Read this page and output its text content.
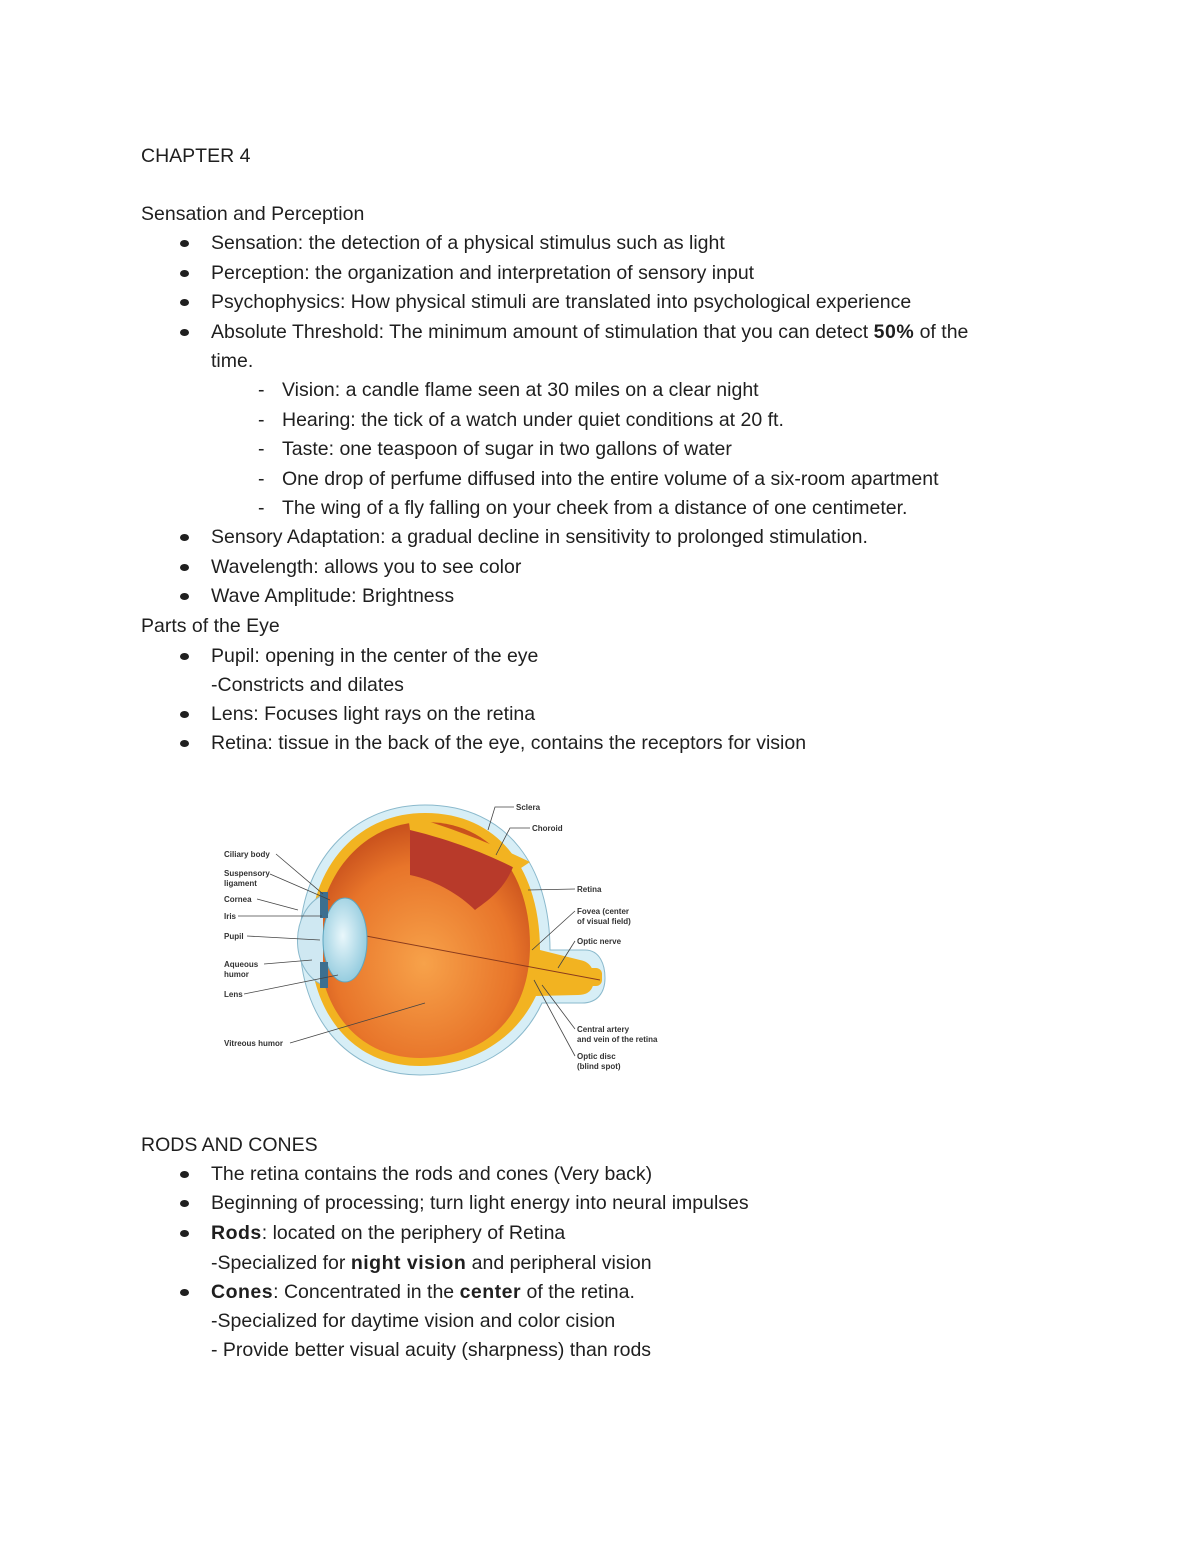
CHAPTER 4
Sensation and Perception
Sensation: the detection of a physical stimulus such as light
Perception: the organization and interpretation of sensory input
Psychophysics: How physical stimuli are translated into psychological experience
Absolute Threshold: The minimum amount of stimulation that you can detect 50% of the
time.
- Vision: a candle flame seen at 30 miles on a clear night
- Hearing: the tick of a watch under quiet conditions at 20 ft.
- Taste: one teaspoon of sugar in two gallons of water
- One drop of perfume diffused into the entire volume of a six-room apartment
- The wing of a fly falling on your cheek from a distance of one centimeter.
Sensory Adaptation: a gradual decline in sensitivity to prolonged stimulation.
Wavelength: allows you to see color
Wave Amplitude: Brightness
Parts of the Eye
Pupil: opening in the center of the eye
-Constricts and dilates
Lens: Focuses light rays on the retina
Retina: tissue in the back of the eye, contains the receptors for vision
Ciliary body
Suspensory
ligament
Cornea
Iris
Pupil
Aqueous
humor
Lens
Vitreous humor
Sclera
Choroid
Retina
Fovea (center
of visual field)
Optic nerve
Central artery
and vein of the retina
Optic disc
(blind spot)
RODS AND CONES
The retina contains the rods and cones (Very back)
Beginning of processing; turn light energy into neural impulses
Rods: located on the periphery of Retina
-Specialized for night vision and peripheral vision
Cones: Concentrated in the center of the retina.
-Specialized for daytime vision and color cision
- Provide better visual acuity (sharpness) than rods
